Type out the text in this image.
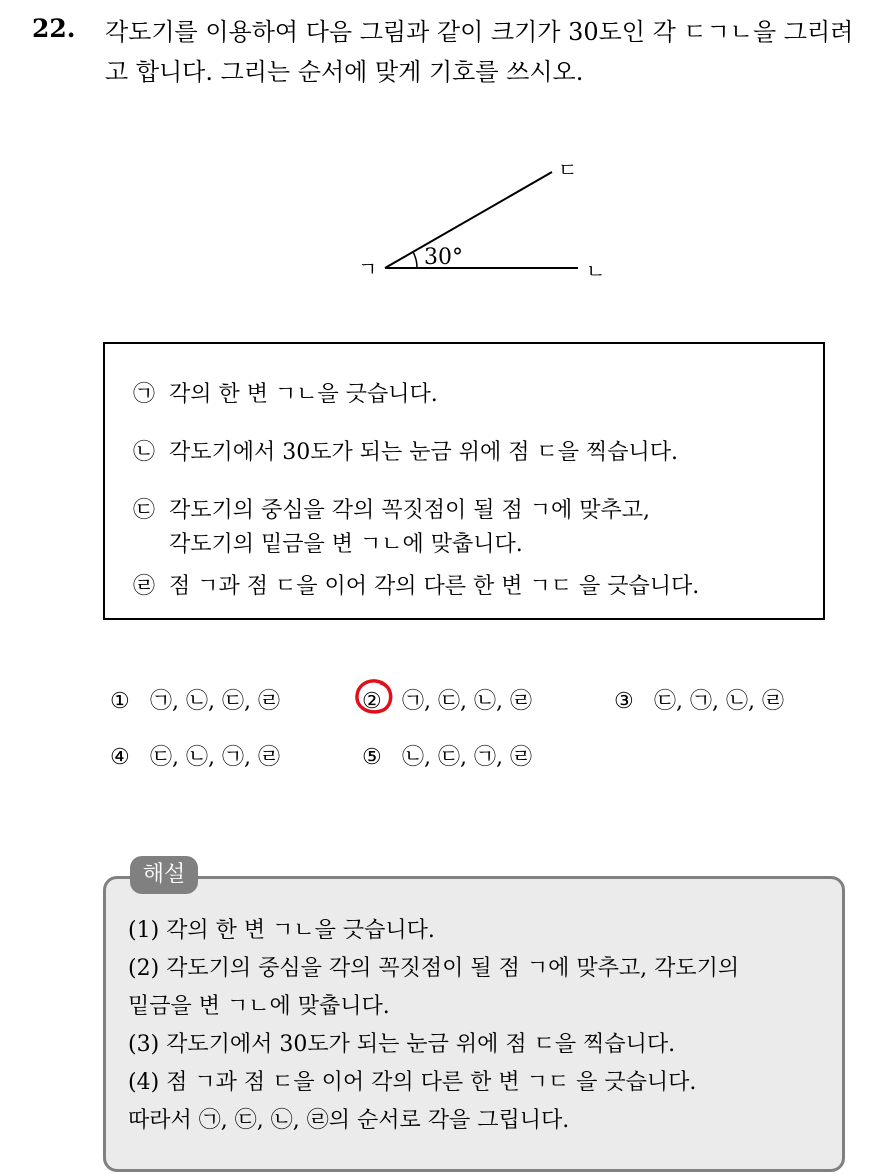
22. 각도기를 이용하여 다음 그림과 같이 크기가 30도인 각 ㄷㄱㄴ을 그리려고 합니다. 그리는 순서에 맞게 기호를 쓰시오.

30°
ㄱ	ㄴ
ㄷ
㉠ 각의 한 변 ㄱㄴ을 긋습니다.
㉡ 각도기에서 30도가 되는 눈금 위에 점 ㄷ을 찍습니다.
㉢ 각도기의 중심을 각의 꼭짓점이 될 점 ㄱ에 맞추고,
각도기의 밑금을 변 ㄱㄴ에 맞춥니다.
㉣ 점 ㄱ과 점 ㄷ을 이어 각의 다른 한 변 ㄱㄷ 을 긋습니다.
① ㉠, ㉡, ㉢, ㉣	② ㉠, ㉢, ㉡, ㉣	③ ㉢, ㉠, ㉡, ㉣
④ ㉢, ㉡, ㉠, ㉣	⑤ ㉡, ㉢, ㉠, ㉣
해설
(1) 각의 한 변 ㄱㄴ을 긋습니다.
(2) 각도기의 중심을 각의 꼭짓점이 될 점 ㄱ에 맞추고, 각도기의
밑금을 변 ㄱㄴ에 맞춥니다.
(3) 각도기에서 30도가 되는 눈금 위에 점 ㄷ을 찍습니다.
(4) 점 ㄱ과 점 ㄷ을 이어 각의 다른 한 변 ㄱㄷ 을 긋습니다.
따라서 ㉠, ㉢, ㉡, ㉣의 순서로 각을 그립니다.
